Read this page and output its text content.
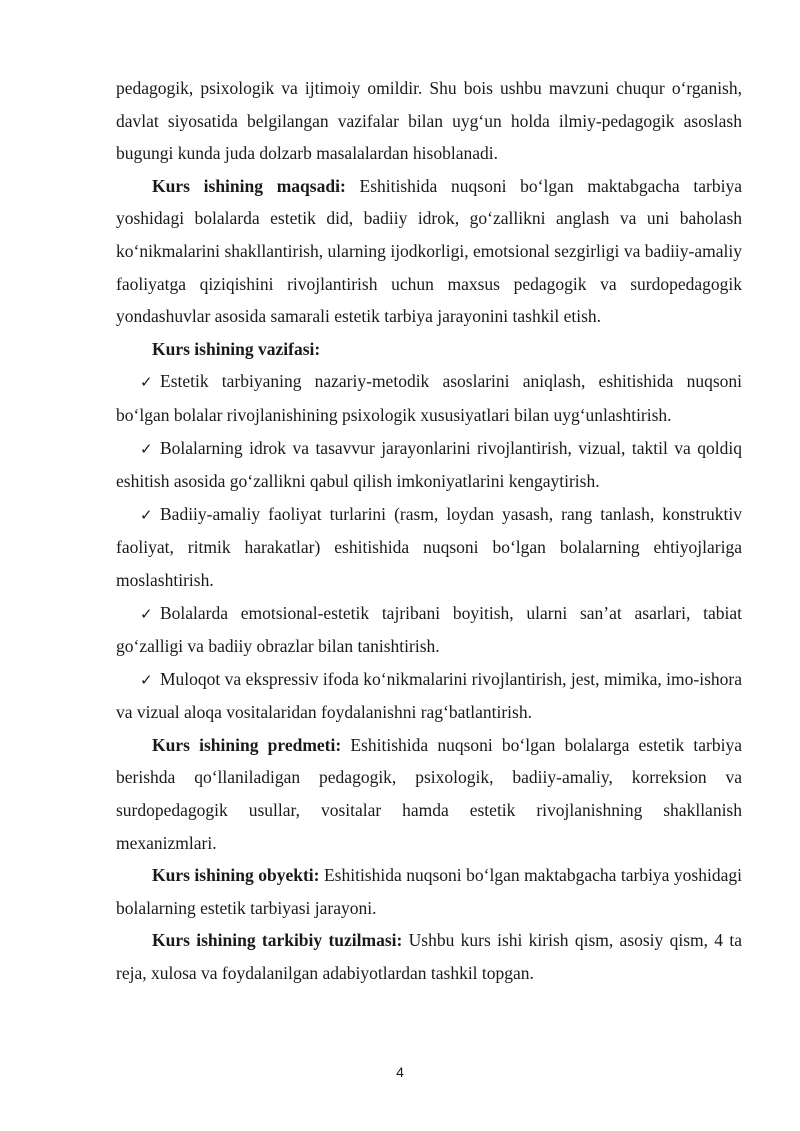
pedagogik, psixologik va ijtimoiy omildir. Shu bois ushbu mavzuni chuqur o‘rganish, davlat siyosatida belgilangan vazifalar bilan uyg‘un holda ilmiy-pedagogik asoslash bugungi kunda juda dolzarb masalalardan hisoblanadi.

Kurs ishining maqsadi: Eshitishida nuqsoni bo‘lgan maktabgacha tarbiya yoshidagi bolalarda estetik did, badiiy idrok, go‘zallikni anglash va uni baholash ko‘nikmalarini shakllantirish, ularning ijodkorligi, emotsional sezgirligi va badiiy-amaliy faoliyatga qiziqishini rivojlantirish uchun maxsus pedagogik va surdopedagogik yondashuvlar asosida samarali estetik tarbiya jarayonini tashkil etish.

Kurs ishining vazifasi:

✓ Estetik tarbiyaning nazariy-metodik asoslarini aniqlash, eshitishida nuqsoni bo‘lgan bolalar rivojlanishining psixologik xususiyatlari bilan uyg‘unlashtirish.

✓ Bolalarning idrok va tasavvur jarayonlarini rivojlantirish, vizual, taktil va qoldiq eshitish asosida go‘zallikni qabul qilish imkoniyatlarini kengaytirish.

✓ Badiiy-amaliy faoliyat turlarini (rasm, loydan yasash, rang tanlash, konstruktiv faoliyat, ritmik harakatlar) eshitishida nuqsoni bo‘lgan bolalarning ehtiyojlariga moslashtirish.

✓ Bolalarda emotsional-estetik tajribani boyitish, ularni san’at asarlari, tabiat go‘zalligi va badiiy obrazlar bilan tanishtirish.

✓ Muloqot va ekspressiv ifoda ko‘nikmalarini rivojlantirish, jest, mimika, imo-ishora va vizual aloqa vositalaridan foydalanishni rag‘batlantirish.

Kurs ishining predmeti: Eshitishida nuqsoni bo‘lgan bolalarga estetik tarbiya berishda qo‘llaniladigan pedagogik, psixologik, badiiy-amaliy, korreksion va surdopedagogik usullar, vositalar hamda estetik rivojlanishning shakllanish mexanizmlari.

Kurs ishining obyekti: Eshitishida nuqsoni bo‘lgan maktabgacha tarbiya yoshidagi bolalarning estetik tarbiyasi jarayoni.

Kurs ishining tarkibiy tuzilmasi: Ushbu kurs ishi kirish qism, asosiy qism, 4 ta reja, xulosa va foydalanilgan adabiyotlardan tashkil topgan.

4
